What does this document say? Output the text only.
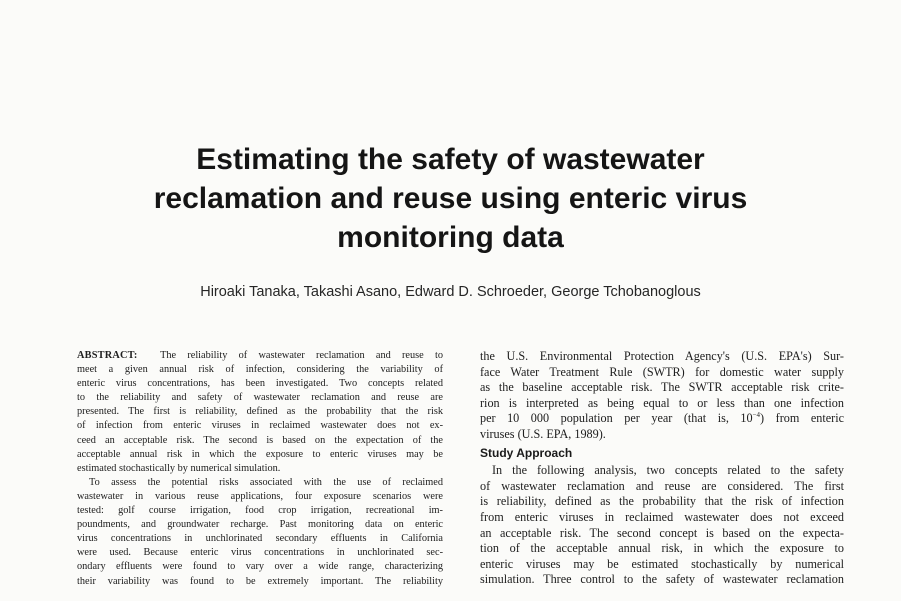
Estimating the safety of wastewater
reclamation and reuse using enteric virus
monitoring data

Hiroaki Tanaka, Takashi Asano, Edward D. Schroeder, George Tchobanoglous

ABSTRACT: The reliability of wastewater reclamation and reuse to
meet a given annual risk of infection, considering the variability of
enteric virus concentrations, has been investigated. Two concepts related
to the reliability and safety of wastewater reclamation and reuse are
presented. The first is reliability, defined as the probability that the risk
of infection from enteric viruses in reclaimed wastewater does not ex-
ceed an acceptable risk. The second is based on the expectation of the
acceptable annual risk in which the exposure to enteric viruses may be
estimated stochastically by numerical simulation.
To assess the potential risks associated with the use of reclaimed
wastewater in various reuse applications, four exposure scenarios were
tested: golf course irrigation, food crop irrigation, recreational im-
poundments, and groundwater recharge. Past monitoring data on enteric
virus concentrations in unchlorinated secondary effluents in California
were used. Because enteric virus concentrations in unchlorinated sec-
ondary effluents were found to vary over a wide range, characterizing
their variability was found to be extremely important. The reliability
the U.S. Environmental Protection Agency's (U.S. EPA's) Sur-
face Water Treatment Rule (SWTR) for domestic water supply
as the baseline acceptable risk. The SWTR acceptable risk crite-
rion is interpreted as being equal to or less than one infection
per 10 000 population per year (that is, $10^{-4}$) from enteric
viruses (U.S. EPA, 1989).
Study Approach
In the following analysis, two concepts related to the safety
of wastewater reclamation and reuse are considered. The first
is reliability, defined as the probability that the risk of infection
from enteric viruses in reclaimed wastewater does not exceed
an acceptable risk. The second concept is based on the expecta-
tion of the acceptable annual risk, in which the exposure to
enteric viruses may be estimated stochastically by numerical
simulation. Three control to the safety of wastewater reclamation
